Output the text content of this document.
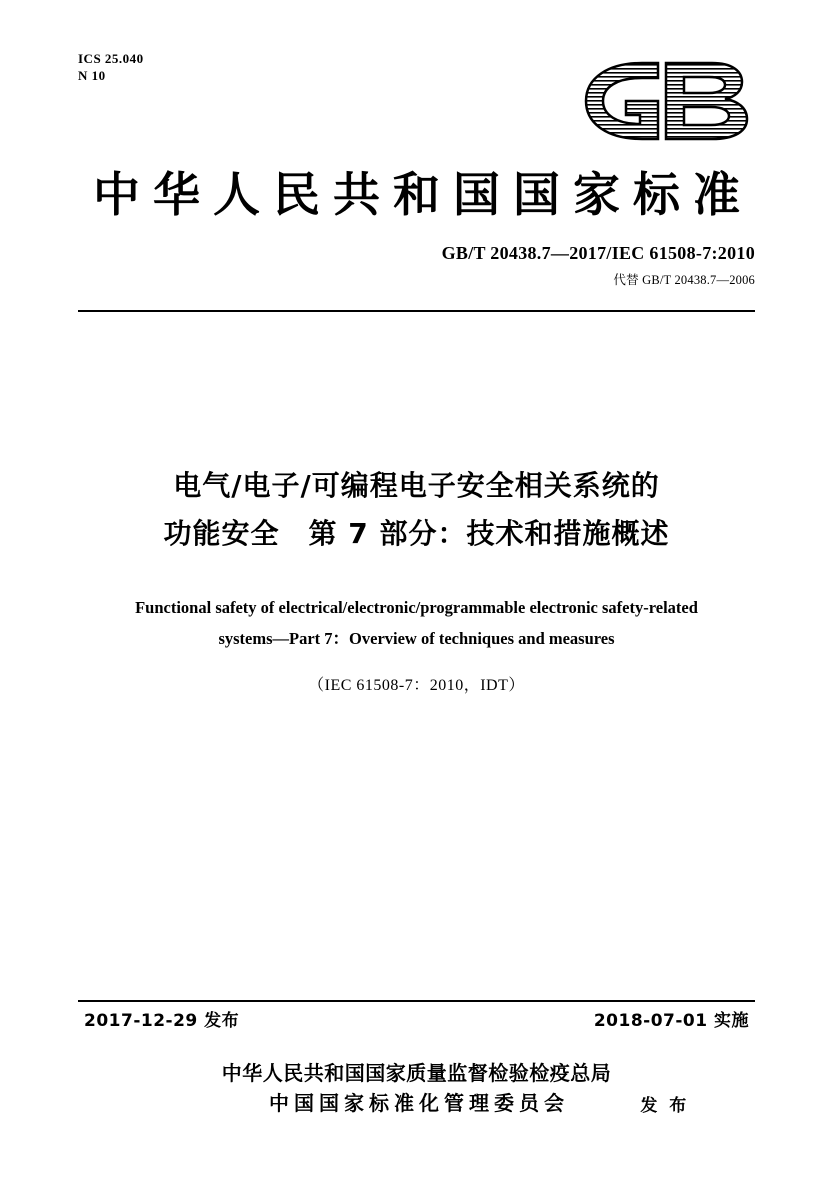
ICS 25.040
N 10
中华人民共和国国家标准
GB/T 20438.7—2017/IEC 61508-7:2010
代替 GB/T 20438.7—2006
电气/电子/可编程电子安全相关系统的
功能安全　第 7 部分：技术和措施概述
Functional safety of electrical/electronic/programmable electronic safety-related
systems—Part 7：Overview of techniques and measures
（IEC 61508-7：2010，IDT）
2017-12-29 发布	2018-07-01 实施
中华人民共和国国家质量监督检验检疫总局
中国国家标准化管理委员会	发 布
